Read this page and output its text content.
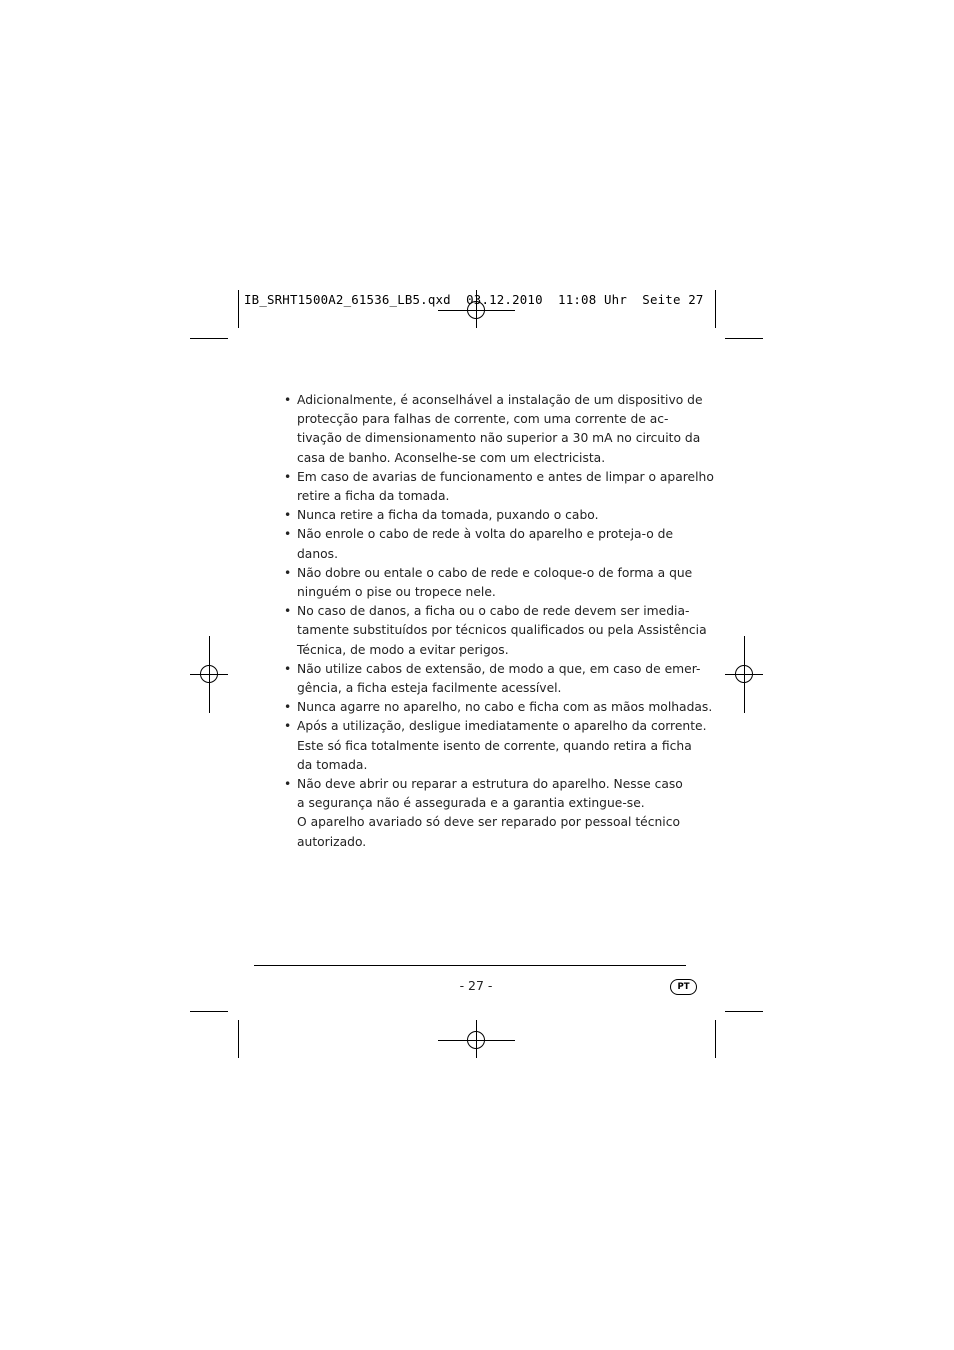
IB_SRHT1500A2_61536_LB5.qxd  03.12.2010  11:08 Uhr  Seite 27
• Adicionalmente, é aconselhável a instalação de um dispositivo de
protecção para falhas de corrente, com uma corrente de ac-
tivação de dimensionamento não superior a 30 mA no circuito da
casa de banho. Aconselhe-se com um electricista.
• Em caso de avarias de funcionamento e antes de limpar o aparelho
retire a ficha da tomada.
• Nunca retire a ficha da tomada, puxando o cabo.
• Não enrole o cabo de rede à volta do aparelho e proteja-o de
danos.
• Não dobre ou entale o cabo de rede e coloque-o de forma a que
ninguém o pise ou tropece nele.
• No caso de danos, a ficha ou o cabo de rede devem ser imedia-
tamente substituídos por técnicos qualificados ou pela Assistência
Técnica, de modo a evitar perigos.
• Não utilize cabos de extensão, de modo a que, em caso de emer-
gência, a ficha esteja facilmente acessível.
• Nunca agarre no aparelho, no cabo e ficha com as mãos molhadas.
• Após a utilização, desligue imediatamente o aparelho da corrente.
Este só fica totalmente isento de corrente, quando retira a ficha
da tomada.
• Não deve abrir ou reparar a estrutura do aparelho. Nesse caso
a segurança não é assegurada e a garantia extingue-se.
O aparelho avariado só deve ser reparado por pessoal técnico
autorizado.
- 27 -	PT
